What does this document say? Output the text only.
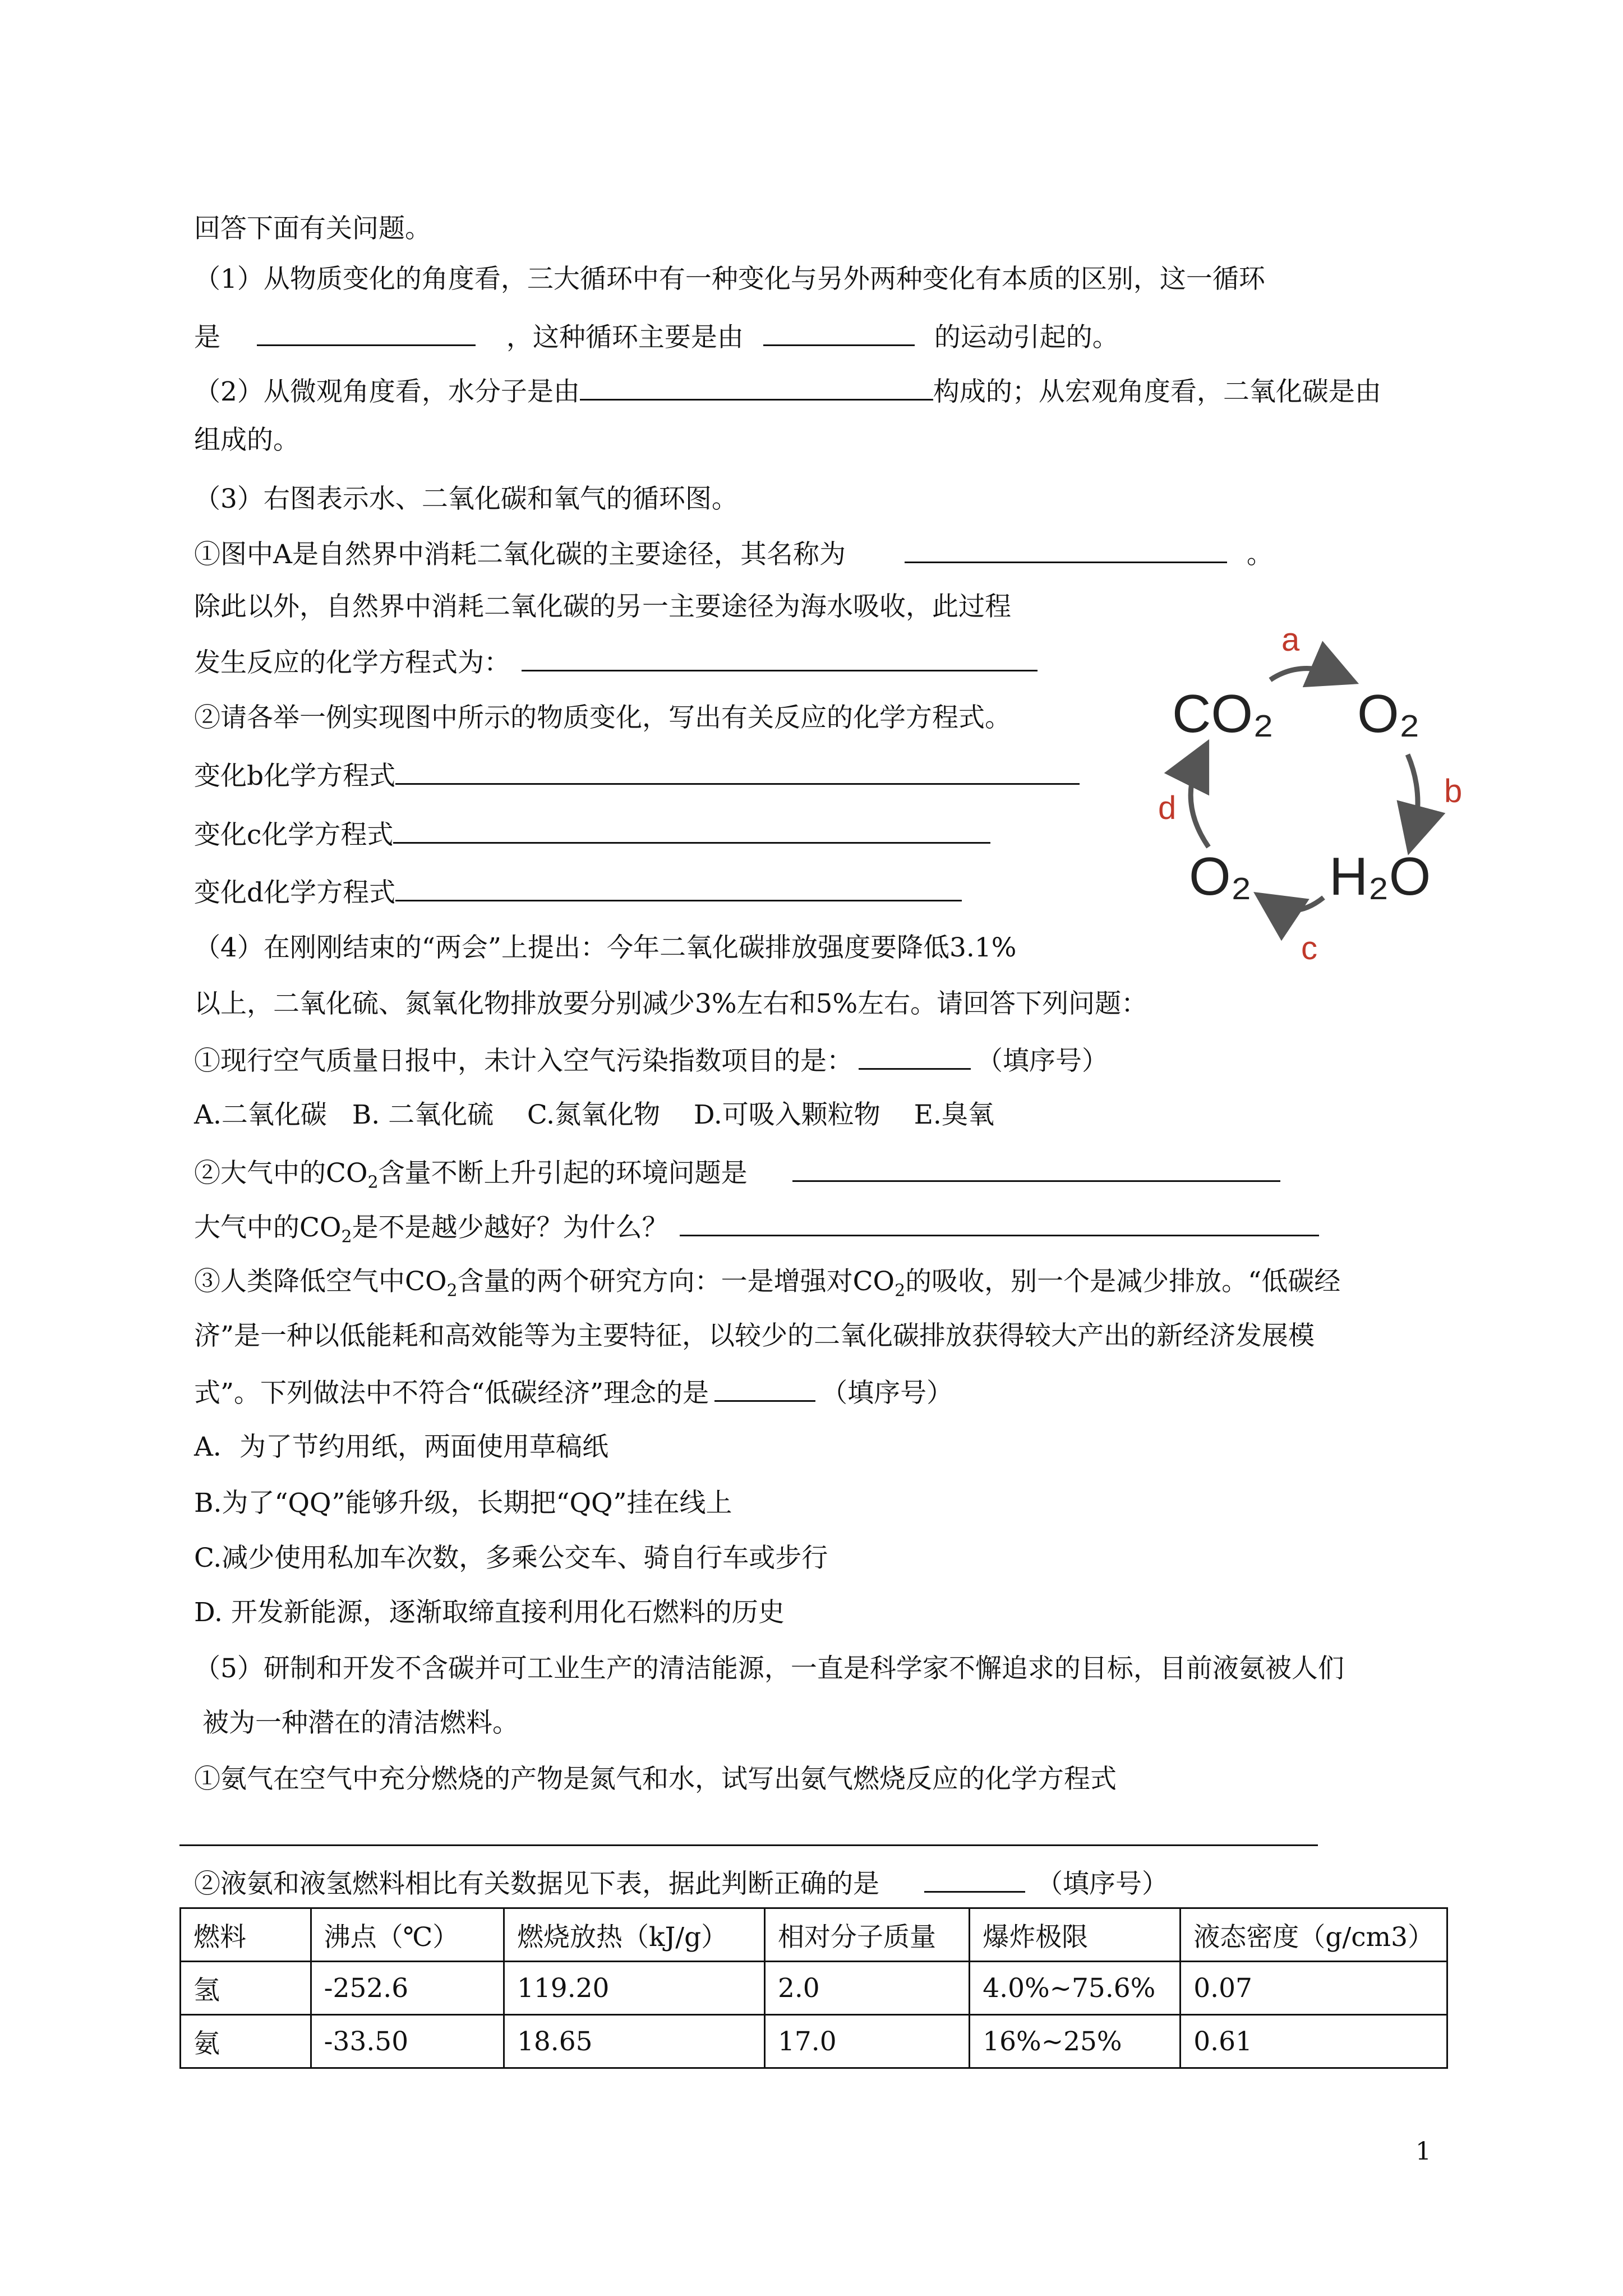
回答下面有关问题。
（1）从物质变化的角度看，三大循环中有一种变化与另外两种变化有本质的区别，这一循环
是	，这种循环主要是由	的运动引起的。
（2）从微观角度看，水分子是由	构成的；从宏观角度看，二氧化碳是由
组成的。
（3）右图表示水、二氧化碳和氧气的循环图。
①图中A是自然界中消耗二氧化碳的主要途径，其名称为	。
除此以外，自然界中消耗二氧化碳的另一主要途径为海水吸收，此过程
发生反应的化学方程式为：
②请各举一例实现图中所示的物质变化，写出有关反应的化学方程式。
变化b化学方程式
变化c化学方程式
变化d化学方程式
CO₂ O₂
H₂O
O₂
a
b
c
d
（4）在刚刚结束的“两会”上提出：今年二氧化碳排放强度要降低3.1%
以上，二氧化硫、氮氧化物排放要分别减少3%左右和5%左右。请回答下列问题：
①现行空气质量日报中，未计入空气污染指数项目的是：	（填序号）
A.二氧化碳   B. 二氧化硫    C.氮氧化物    D.可吸入颗粒物    E.臭氧
②大气中的$CO_2$含量不断上升引起的环境问题是
大气中的$CO_2$是不是越少越好？为什么？
③人类降低空气中$CO_2$含量的两个研究方向：一是增强对$CO_2$的吸收，别一个是减少排放。“低碳经
济”是一种以低能耗和高效能等为主要特征，以较少的二氧化碳排放获得较大产出的新经济发展模
式”。下列做法中不符合“低碳经济”理念的是	（填序号）
A．为了节约用纸，两面使用草稿纸
B.为了“QQ”能够升级，长期把“QQ”挂在线上
C.减少使用私加车次数，多乘公交车、骑自行车或步行
D. 开发新能源，逐渐取缔直接利用化石燃料的历史
（5）研制和开发不含碳并可工业生产的清洁能源，一直是科学家不懈追求的目标，目前液氨被人们
被为一种潜在的清洁燃料。
①氨气在空气中充分燃烧的产物是氮气和水，试写出氨气燃烧反应的化学方程式
②液氨和液氢燃料相比有关数据见下表，据此判断正确的是	（填序号）
燃料	沸点（℃）	燃烧放热（kJ/g）	相对分子质量	爆炸极限	液态密度（g/cm3）
氢	-252.6	119.20	2.0	4.0%~75.6%	0.07
氨	-33.50	18.65	17.0	16%~25%	0.61
1
